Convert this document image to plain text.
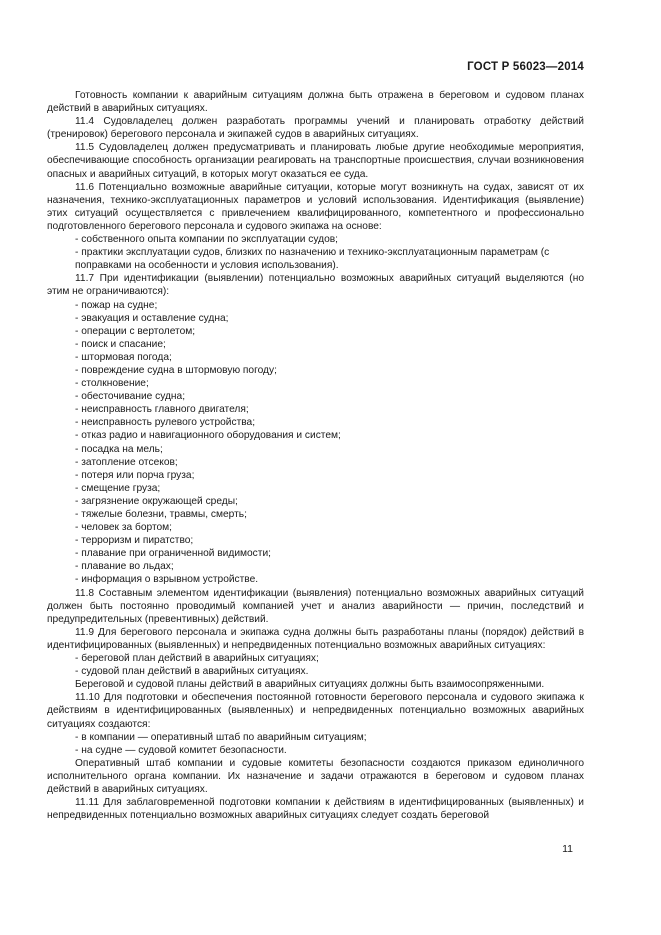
ГОСТ Р 56023—2014
Готовность компании к аварийным ситуациям должна быть отражена в береговом и судовом планах действий в аварийных ситуациях.
11.4 Судовладелец должен разработать программы учений и планировать отработку действий (тренировок) берегового персонала и экипажей судов в аварийных ситуациях.
11.5 Судовладелец должен предусматривать и планировать любые другие необходимые мероприятия, обеспечивающие способность организации реагировать на транспортные происшествия, случаи возникновения опасных и аварийных ситуаций, в которых могут оказаться ее суда.
11.6 Потенциально возможные аварийные ситуации, которые могут возникнуть на судах, зависят от их назначения, технико-эксплуатационных параметров и условий использования. Идентификация (выявление) этих ситуаций осуществляется с привлечением квалифицированного, компетентного и профессионально подготовленного берегового персонала и судового экипажа на основе:
- собственного опыта компании по эксплуатации судов;
- практики эксплуатации судов, близких по назначению и технико-эксплуатационным параметрам (с поправками на особенности и условия использования).
11.7 При идентификации (выявлении) потенциально возможных аварийных ситуаций выделяются (но этим не ограничиваются):
- пожар на судне;
- эвакуация и оставление судна;
- операции с вертолетом;
- поиск и спасание;
- штормовая погода;
- повреждение судна в штормовую погоду;
- столкновение;
- обесточивание судна;
- неисправность главного двигателя;
- неисправность рулевого устройства;
- отказ радио и навигационного оборудования и систем;
- посадка на мель;
- затопление отсеков;
- потеря или порча груза;
- смещение груза;
- загрязнение окружающей среды;
- тяжелые болезни, травмы, смерть;
- человек за бортом;
- терроризм и пиратство;
- плавание при ограниченной видимости;
- плавание во льдах;
- информация о взрывном устройстве.
11.8 Составным элементом идентификации (выявления) потенциально возможных аварийных ситуаций должен быть постоянно проводимый компанией учет и анализ аварийности — причин, последствий и предупредительных (превентивных) действий.
11.9 Для берегового персонала и экипажа судна должны быть разработаны планы (порядок) действий в идентифицированных (выявленных) и непредвиденных потенциально возможных аварийных ситуациях:
- береговой план действий в аварийных ситуациях;
- судовой план действий в аварийных ситуациях.
Береговой и судовой планы действий в аварийных ситуациях должны быть взаимосопряженными.
11.10 Для подготовки и обеспечения постоянной готовности берегового персонала и судового экипажа к действиям в идентифицированных (выявленных) и непредвиденных потенциально возможных аварийных ситуациях создаются:
- в компании — оперативный штаб по аварийным ситуациям;
- на судне — судовой комитет безопасности.
Оперативный штаб компании и судовые комитеты безопасности создаются приказом единоличного исполнительного органа компании. Их назначение и задачи отражаются в береговом и судовом планах действий в аварийных ситуациях.
11.11 Для заблаговременной подготовки компании к действиям в идентифицированных (выявленных) и непредвиденных потенциально возможных аварийных ситуациях следует создать береговой
11
